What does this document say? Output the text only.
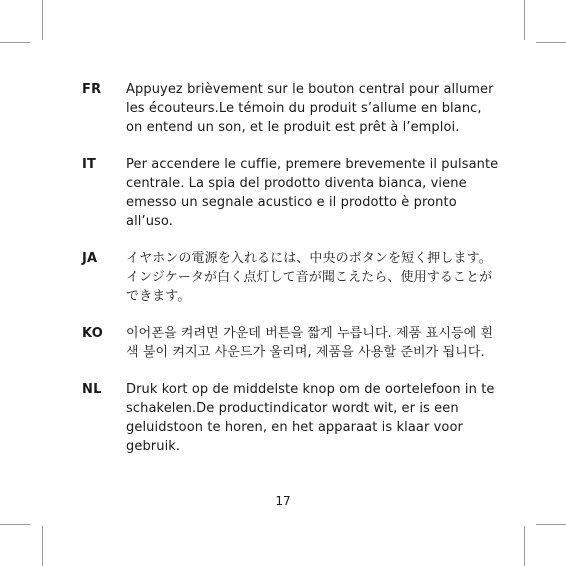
FR	Appuyez brièvement sur le bouton central pour allumer les écouteurs.Le témoin du produit s’allume en blanc, on entend un son, et le produit est prêt à l’emploi.
IT	Per accendere le cuffie, premere brevemente il pulsante centrale. La spia del prodotto diventa bianca, viene emesso un segnale acustico e il prodotto è pronto all’uso.
JA	イヤホンの電源を入れるには、中央のボタンを短く押します。インジケータが白く点灯して音が聞こえたら、使用することができます。
KO	이어폰을 켜려면 가운데 버튼을 짧게 누릅니다. 제품 표시등에 흰색 불이 켜지고 사운드가 울리며, 제품을 사용할 준비가 됩니다.
NL	Druk kort op de middelste knop om de oortelefoon in te schakelen.De productindicator wordt wit, er is een geluidstoon te horen, en het apparaat is klaar voor gebruik.
17
